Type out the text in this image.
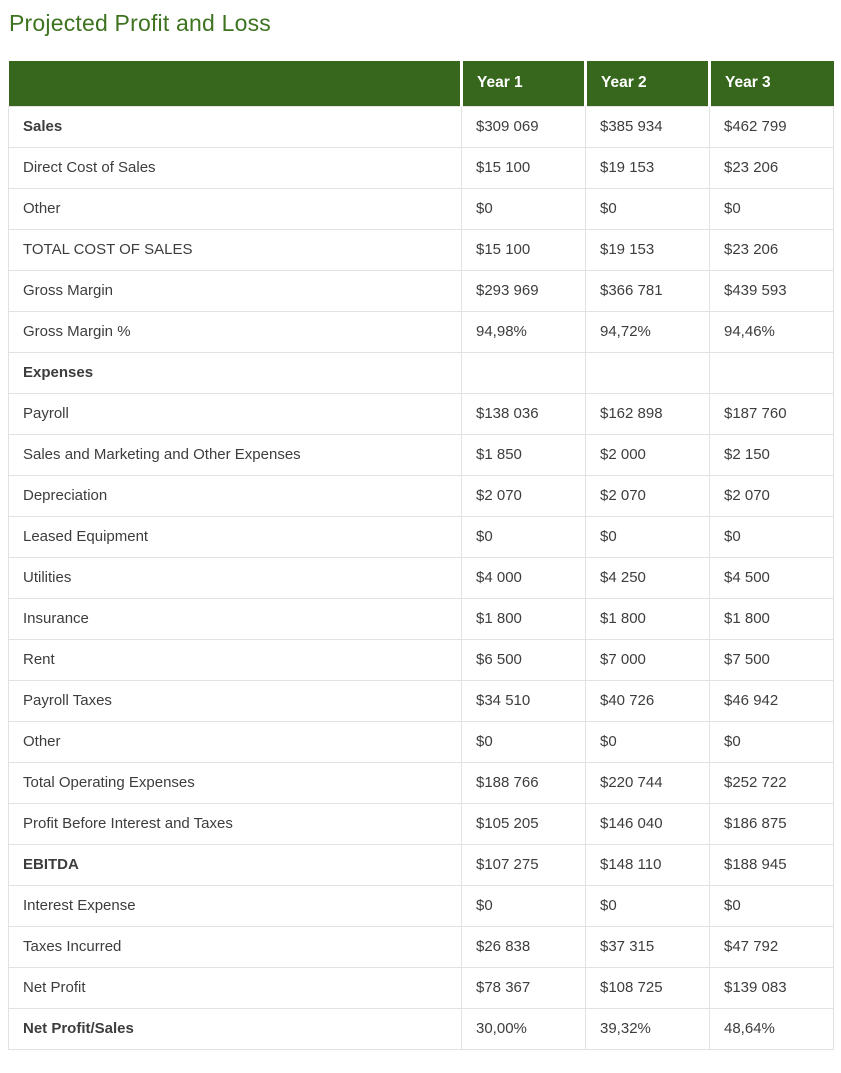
Projected Profit and Loss
	Year 1	Year 2	Year 3
Sales	$309 069	$385 934	$462 799
Direct Cost of Sales	$15 100	$19 153	$23 206
Other	$0	$0	$0
TOTAL COST OF SALES	$15 100	$19 153	$23 206
Gross Margin	$293 969	$366 781	$439 593
Gross Margin %	94,98%	94,72%	94,46%
Expenses			
Payroll	$138 036	$162 898	$187 760
Sales and Marketing and Other Expenses	$1 850	$2 000	$2 150
Depreciation	$2 070	$2 070	$2 070
Leased Equipment	$0	$0	$0
Utilities	$4 000	$4 250	$4 500
Insurance	$1 800	$1 800	$1 800
Rent	$6 500	$7 000	$7 500
Payroll Taxes	$34 510	$40 726	$46 942
Other	$0	$0	$0
Total Operating Expenses	$188 766	$220 744	$252 722
Profit Before Interest and Taxes	$105 205	$146 040	$186 875
EBITDA	$107 275	$148 110	$188 945
Interest Expense	$0	$0	$0
Taxes Incurred	$26 838	$37 315	$47 792
Net Profit	$78 367	$108 725	$139 083
Net Profit/Sales	30,00%	39,32%	48,64%
